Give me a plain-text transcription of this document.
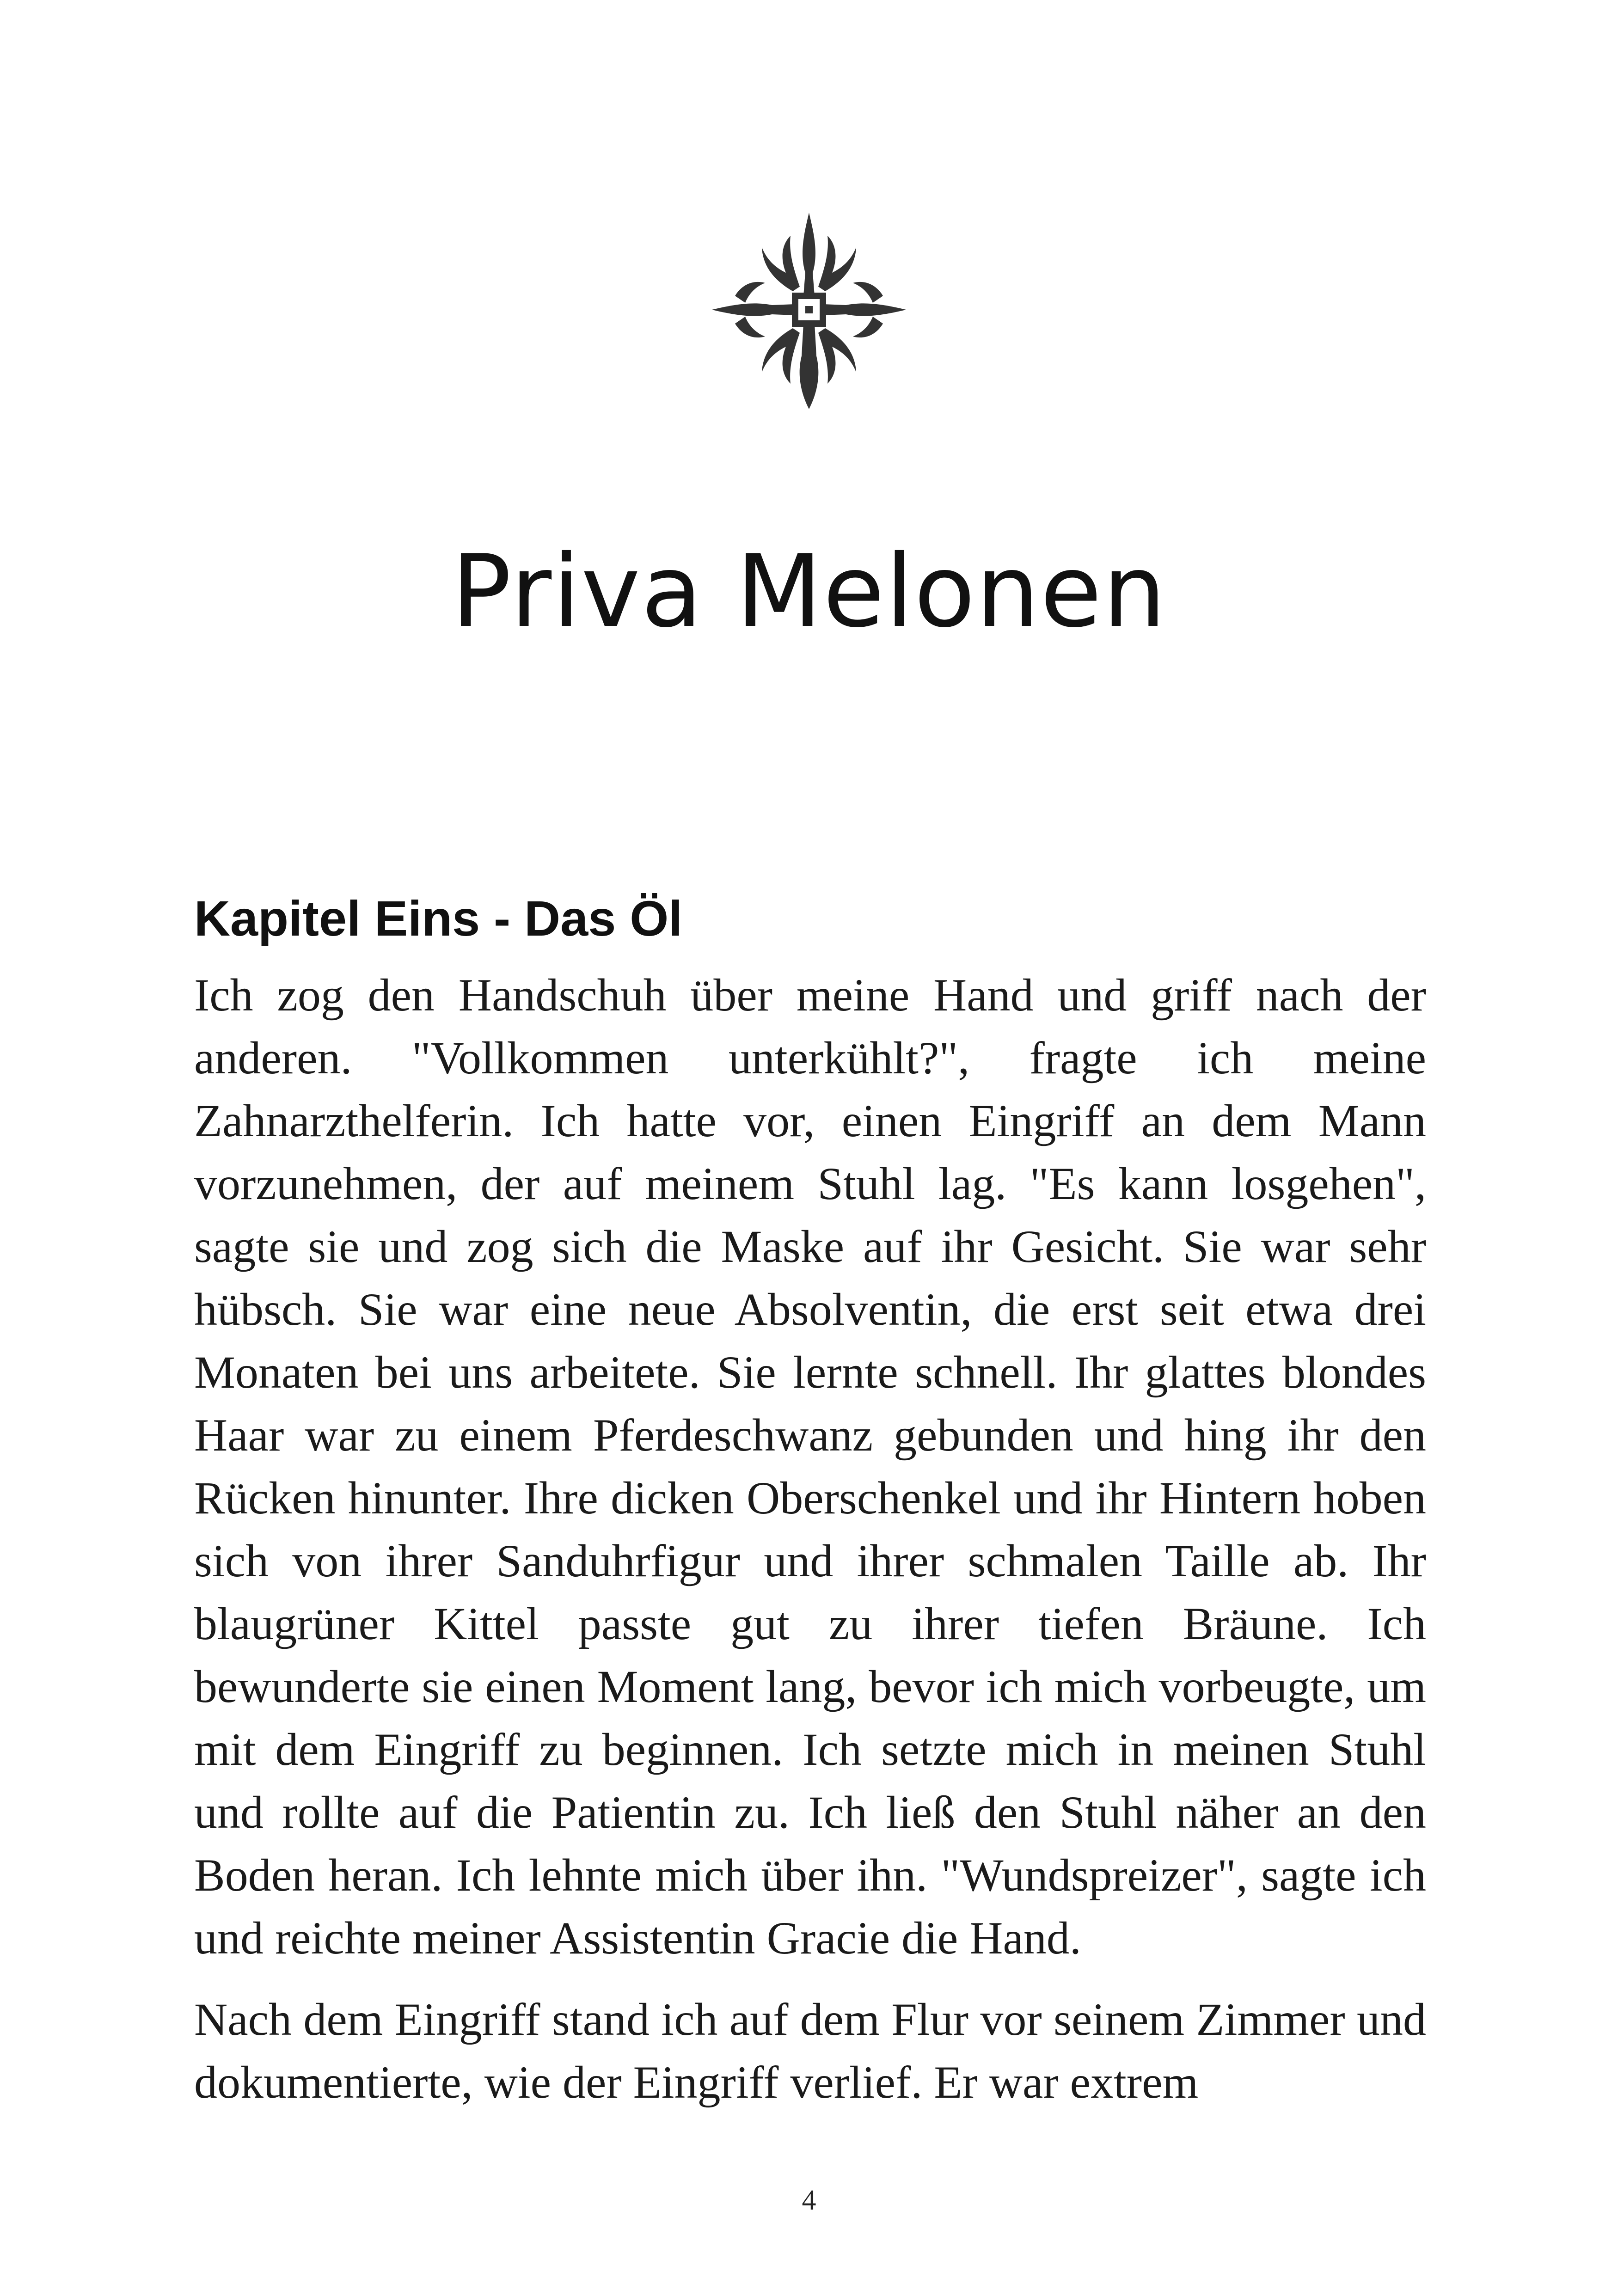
Priva Melonen
Kapitel Eins - Das Öl

Ich zog den Handschuh über meine Hand und griff nach der anderen. "Vollkommen unterkühlt?", fragte ich meine Zahnarzthelferin. Ich hatte vor, einen Eingriff an dem Mann vorzunehmen, der auf meinem Stuhl lag. "Es kann losgehen", sagte sie und zog sich die Maske auf ihr Gesicht. Sie war sehr hübsch. Sie war eine neue Absolventin, die erst seit etwa drei Monaten bei uns arbeitete. Sie lernte schnell. Ihr glattes blondes Haar war zu einem Pferdeschwanz gebunden und hing ihr den Rücken hinunter. Ihre dicken Oberschenkel und ihr Hintern hoben sich von ihrer Sanduhrfigur und ihrer schmalen Taille ab. Ihr blaugrüner Kittel passte gut zu ihrer tiefen Bräune. Ich bewunderte sie einen Moment lang, bevor ich mich vorbeugte, um mit dem Eingriff zu beginnen. Ich setzte mich in meinen Stuhl und rollte auf die Patientin zu. Ich ließ den Stuhl näher an den Boden heran. Ich lehnte mich über ihn. "Wundspreizer", sagte ich und reichte meiner Assistentin Gracie die Hand.

Nach dem Eingriff stand ich auf dem Flur vor seinem Zimmer und dokumentierte, wie der Eingriff verlief. Er war extrem

4
